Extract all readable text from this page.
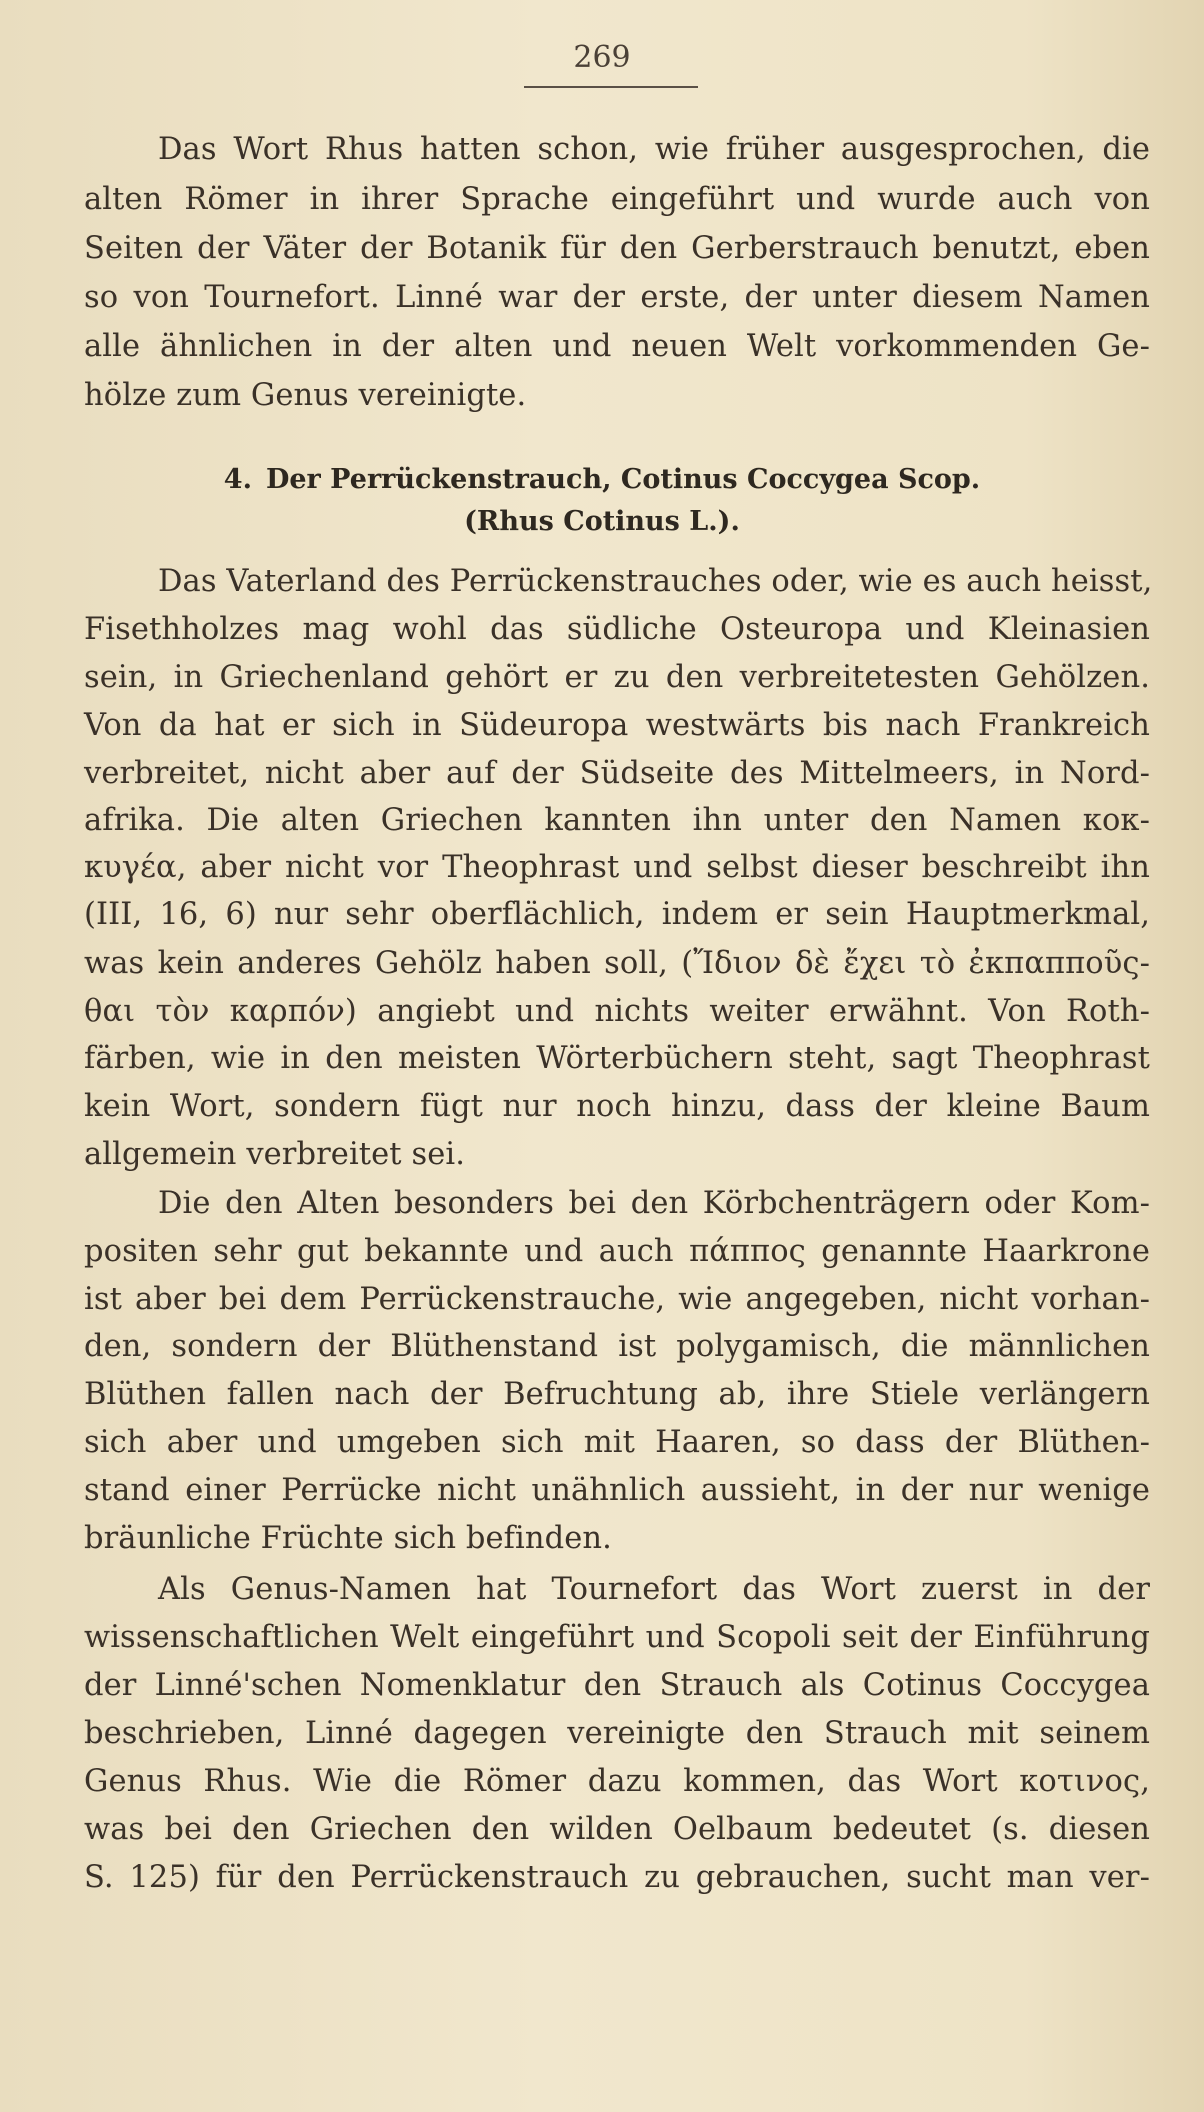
269
Das Wort Rhus hatten schon, wie früher ausgesprochen, die
alten Römer in ihrer Sprache eingeführt und wurde auch von
Seiten der Väter der Botanik für den Gerberstrauch benutzt, eben
so von Tournefort. Linné war der erste, der unter diesem Namen
alle ähnlichen in der alten und neuen Welt vorkommenden Ge-
hölze zum Genus vereinigte.
4. Der Perrückenstrauch, Cotinus Coccygea Scop.
(Rhus Cotinus L.).
Das Vaterland des Perrückenstrauches oder, wie es auch heisst,
Fisethholzes mag wohl das südliche Osteuropa und Kleinasien
sein, in Griechenland gehört er zu den verbreitetesten Gehölzen.
Von da hat er sich in Südeuropa westwärts bis nach Frankreich
verbreitet, nicht aber auf der Südseite des Mittelmeers, in Nord-
afrika. Die alten Griechen kannten ihn unter den Namen κοκ-
κυγέα, aber nicht vor Theophrast und selbst dieser beschreibt ihn
(III, 16, 6) nur sehr oberflächlich, indem er sein Hauptmerkmal,
was kein anderes Gehölz haben soll, (Ἴδιον δὲ ἔχει τὸ ἐκπαπποῦς-
θαι τὸν καρπόν) angiebt und nichts weiter erwähnt. Von Roth-
färben, wie in den meisten Wörterbüchern steht, sagt Theophrast
kein Wort, sondern fügt nur noch hinzu, dass der kleine Baum
allgemein verbreitet sei.
Die den Alten besonders bei den Körbchenträgern oder Kom-
positen sehr gut bekannte und auch πάππος genannte Haarkrone
ist aber bei dem Perrückenstrauche, wie angegeben, nicht vorhan-
den, sondern der Blüthenstand ist polygamisch, die männlichen
Blüthen fallen nach der Befruchtung ab, ihre Stiele verlängern
sich aber und umgeben sich mit Haaren, so dass der Blüthen-
stand einer Perrücke nicht unähnlich aussieht, in der nur wenige
bräunliche Früchte sich befinden.
Als Genus-Namen hat Tournefort das Wort zuerst in der
wissenschaftlichen Welt eingeführt und Scopoli seit der Einführung
der Linné'schen Nomenklatur den Strauch als Cotinus Coccygea
beschrieben, Linné dagegen vereinigte den Strauch mit seinem
Genus Rhus. Wie die Römer dazu kommen, das Wort κοτινος,
was bei den Griechen den wilden Oelbaum bedeutet (s. diesen
S. 125) für den Perrückenstrauch zu gebrauchen, sucht man ver-
